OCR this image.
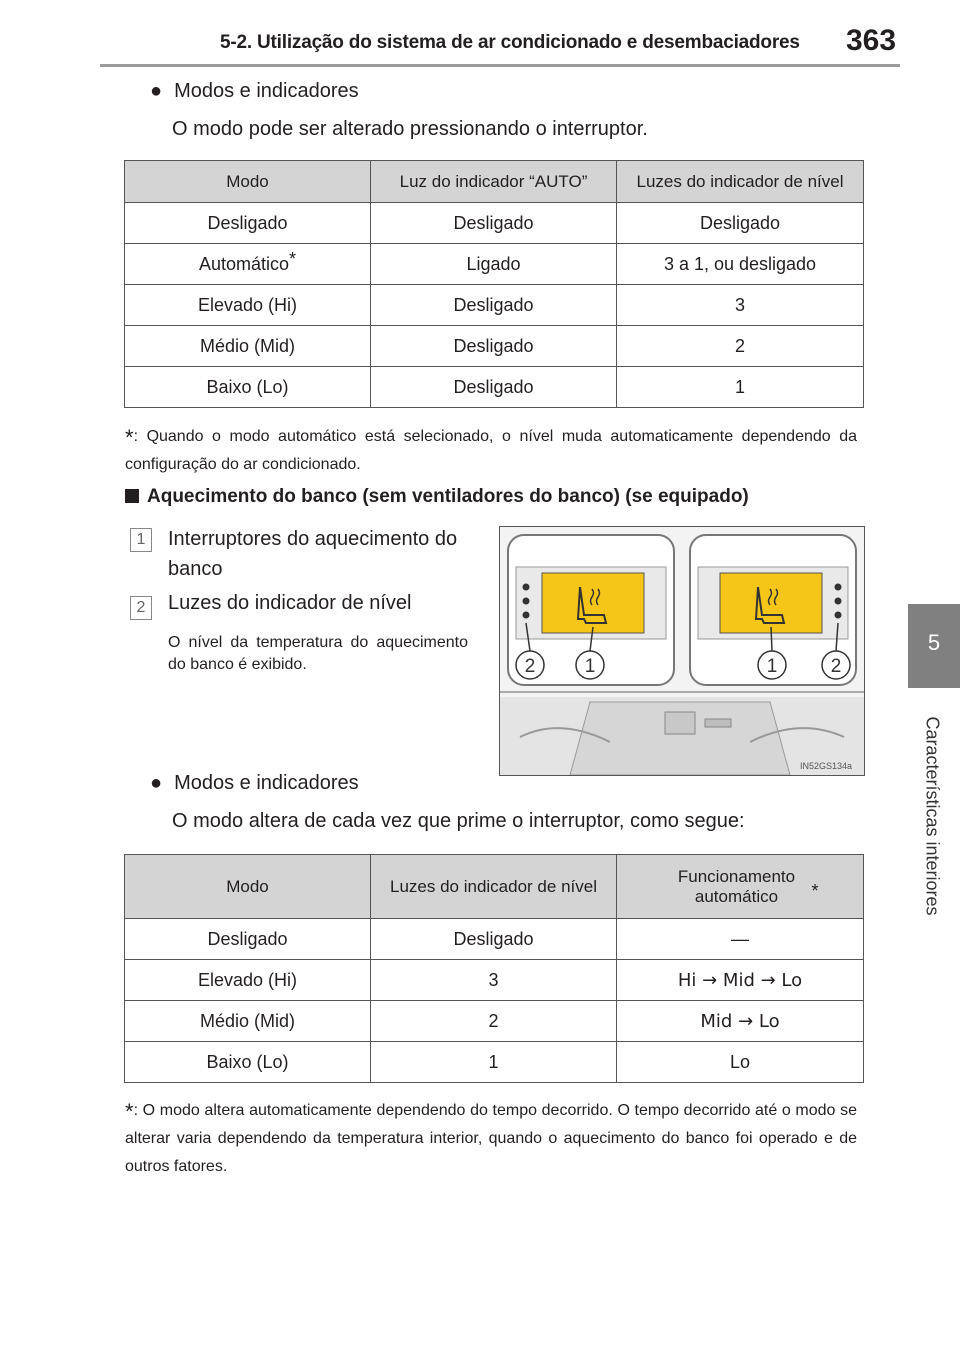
5-2. Utilização do sistema de ar condicionado e desembaciadores 363
5
Características interiores
● Modos e indicadores
O modo pode ser alterado pressionando o interruptor.
Modo	Luz do indicador “AUTO”	Luzes do indicador de nível
Desligado	Desligado	Desligado
Automático*	Ligado	3 a 1, ou desligado
Elevado (Hi)	Desligado	3
Médio (Mid)	Desligado	2
Baixo (Lo)	Desligado	1
*: Quando o modo automático está selecionado, o nível muda automaticamente dependendo da configuração do ar condicionado.
Aquecimento do banco (sem ventiladores do banco) (se equipado)
1	Interruptores do aquecimento do banco
2	Luzes do indicador de nível
O nível da temperatura do aquecimento do banco é exibido.	2	1	1	2
IN52GS134a
● Modos e indicadores
O modo altera de cada vez que prime o interruptor, como segue:
Modo	Luzes do indicador de nível	Funcionamento automático *
Desligado	Desligado	—
Elevado (Hi)	3	Hi → Mid → Lo
Médio (Mid)	2	Mid → Lo
Baixo (Lo)	1	Lo
*: O modo altera automaticamente dependendo do tempo decorrido. O tempo decorrido até o modo se alterar varia dependendo da temperatura interior, quando o aquecimento do banco foi operado e de outros fatores.
